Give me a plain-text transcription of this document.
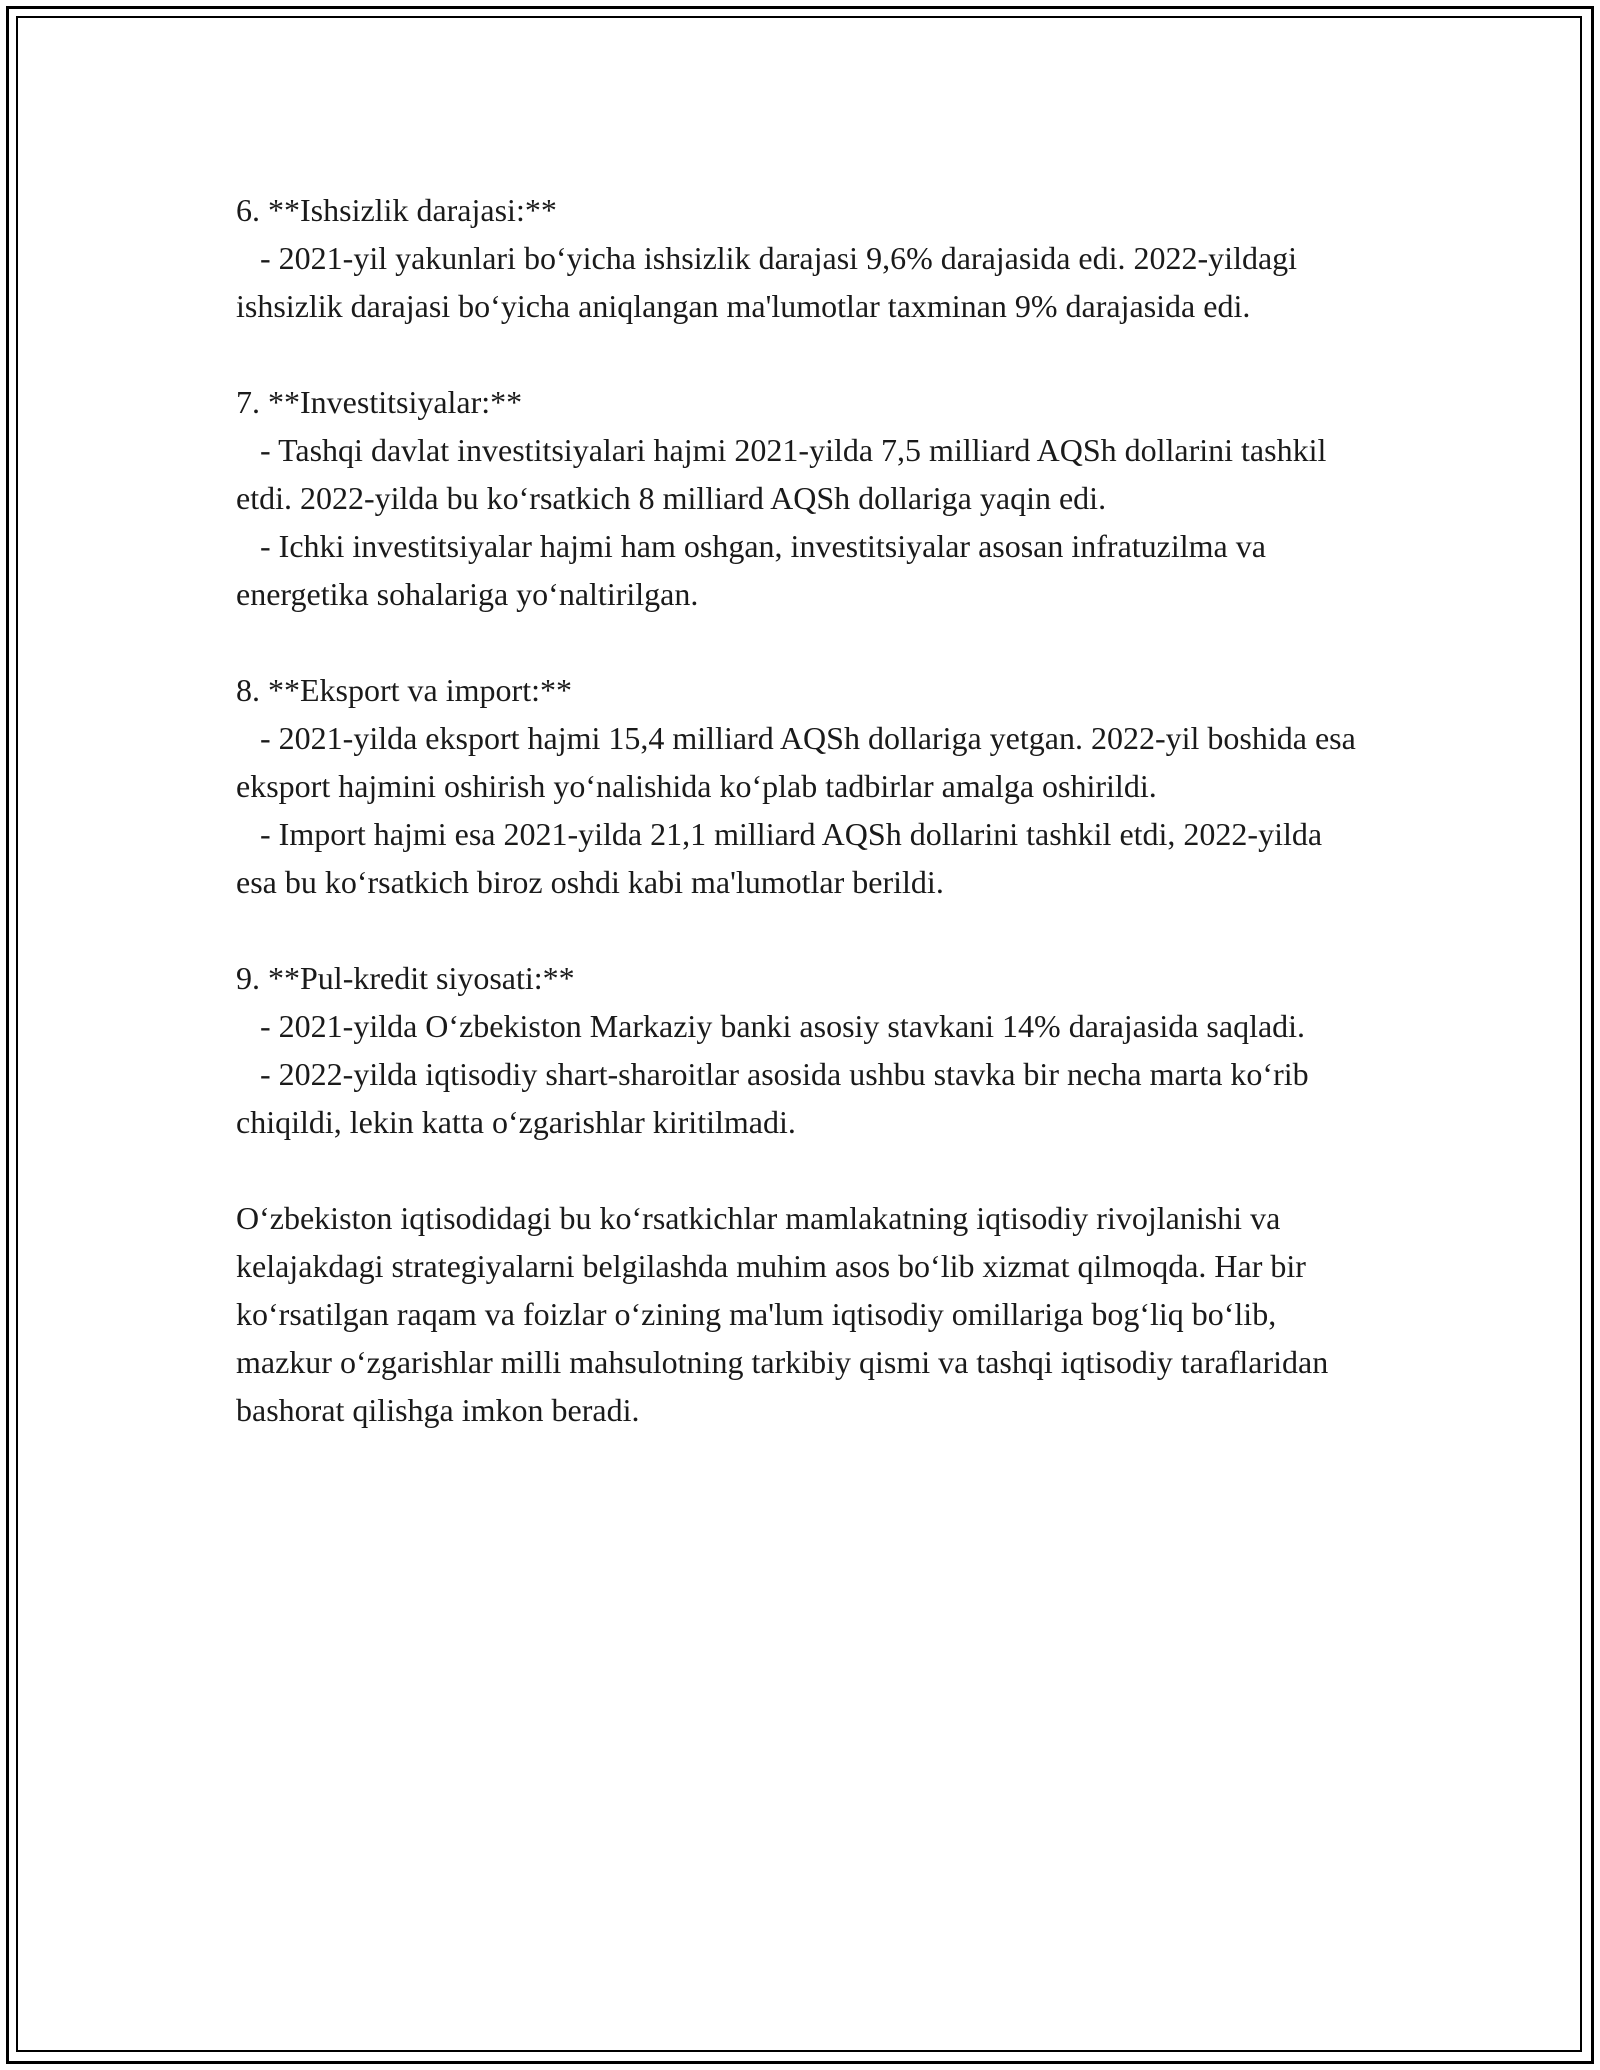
6. **Ishsizlik darajasi:**

- 2021-yil yakunlari bo‘yicha ishsizlik darajasi 9,6% darajasida edi. 2022-yildagi ishsizlik darajasi bo‘yicha aniqlangan ma'lumotlar taxminan 9% darajasida edi.

7. **Investitsiyalar:**

- Tashqi davlat investitsiyalari hajmi 2021-yilda 7,5 milliard AQSh dollarini tashkil etdi. 2022-yilda bu ko‘rsatkich 8 milliard AQSh dollariga yaqin edi.

- Ichki investitsiyalar hajmi ham oshgan, investitsiyalar asosan infratuzilma va energetika sohalariga yo‘naltirilgan.

8. **Eksport va import:**

- 2021-yilda eksport hajmi 15,4 milliard AQSh dollariga yetgan. 2022-yil boshida esa eksport hajmini oshirish yo‘nalishida ko‘plab tadbirlar amalga oshirildi.

- Import hajmi esa 2021-yilda 21,1 milliard AQSh dollarini tashkil etdi, 2022-yilda esa bu ko‘rsatkich biroz oshdi kabi ma'lumotlar berildi.

9. **Pul-kredit siyosati:**

- 2021-yilda O‘zbekiston Markaziy banki asosiy stavkani 14% darajasida saqladi.

- 2022-yilda iqtisodiy shart-sharoitlar asosida ushbu stavka bir necha marta ko‘rib chiqildi, lekin katta o‘zgarishlar kiritilmadi.

O‘zbekiston iqtisodidagi bu ko‘rsatkichlar mamlakatning iqtisodiy rivojlanishi va kelajakdagi strategiyalarni belgilashda muhim asos bo‘lib xizmat qilmoqda. Har bir ko‘rsatilgan raqam va foizlar o‘zining ma'lum iqtisodiy omillariga bog‘liq bo‘lib, mazkur o‘zgarishlar milli mahsulotning tarkibiy qismi va tashqi iqtisodiy taraflaridan bashorat qilishga imkon beradi.
